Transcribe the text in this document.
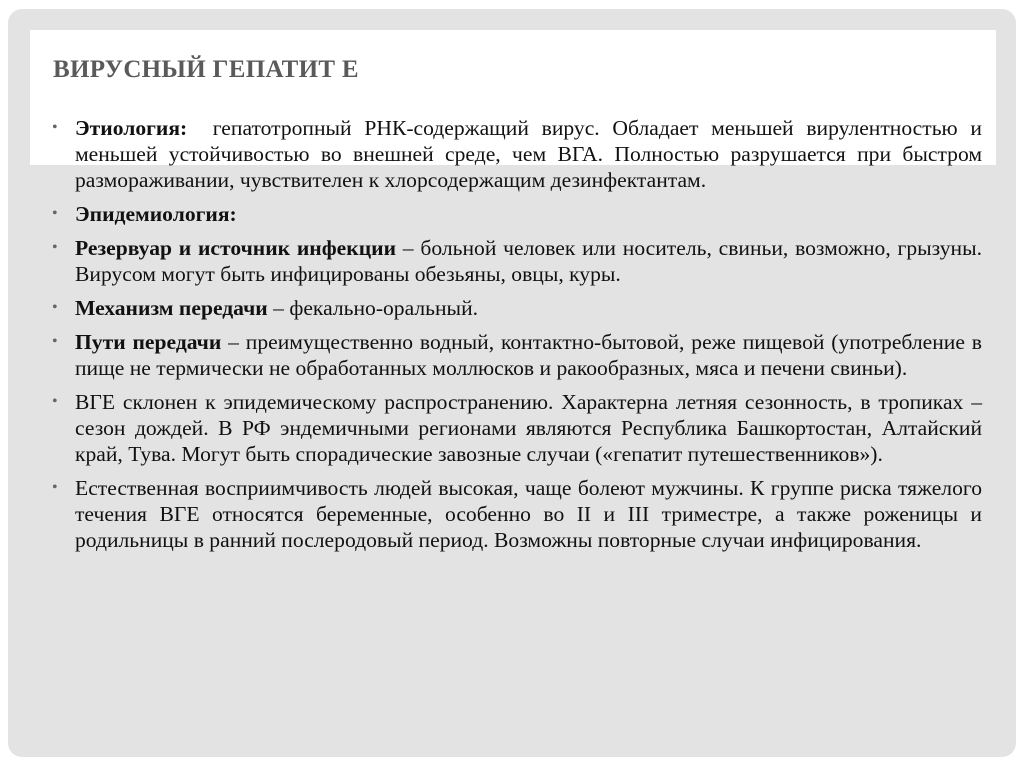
ВИРУСНЫЙ ГЕПАТИТ Е
• Этиология:  гепатотропный РНК-содержащий вирус. Обладает меньшей вирулентностью и меньшей устойчивостью во внешней среде, чем ВГА. Полностью разрушается при быстром размораживании, чувствителен к хлорсодержащим дезинфектантам.
• Эпидемиология:
• Резервуар и источник инфекции – больной человек или носитель, свиньи, возможно, грызуны. Вирусом могут быть инфицированы обезьяны, овцы, куры.
• Механизм передачи – фекально-оральный.
• Пути передачи – преимущественно водный, контактно-бытовой, реже пищевой (употребление в пище не термически не обработанных моллюсков и ракообразных, мяса и печени свиньи).
• ВГЕ склонен к эпидемическому распространению. Характерна летняя сезонность, в тропиках – сезон дождей. В РФ эндемичными регионами являются Республика Башкортостан, Алтайский край, Тува. Могут быть спорадические завозные случаи («гепатит путешественников»).
• Естественная восприимчивость людей высокая, чаще болеют мужчины. К группе риска тяжелого течения ВГЕ относятся беременные, особенно во II и III триместре, а также роженицы и родильницы в ранний послеродовый период. Возможны повторные случаи инфицирования.
